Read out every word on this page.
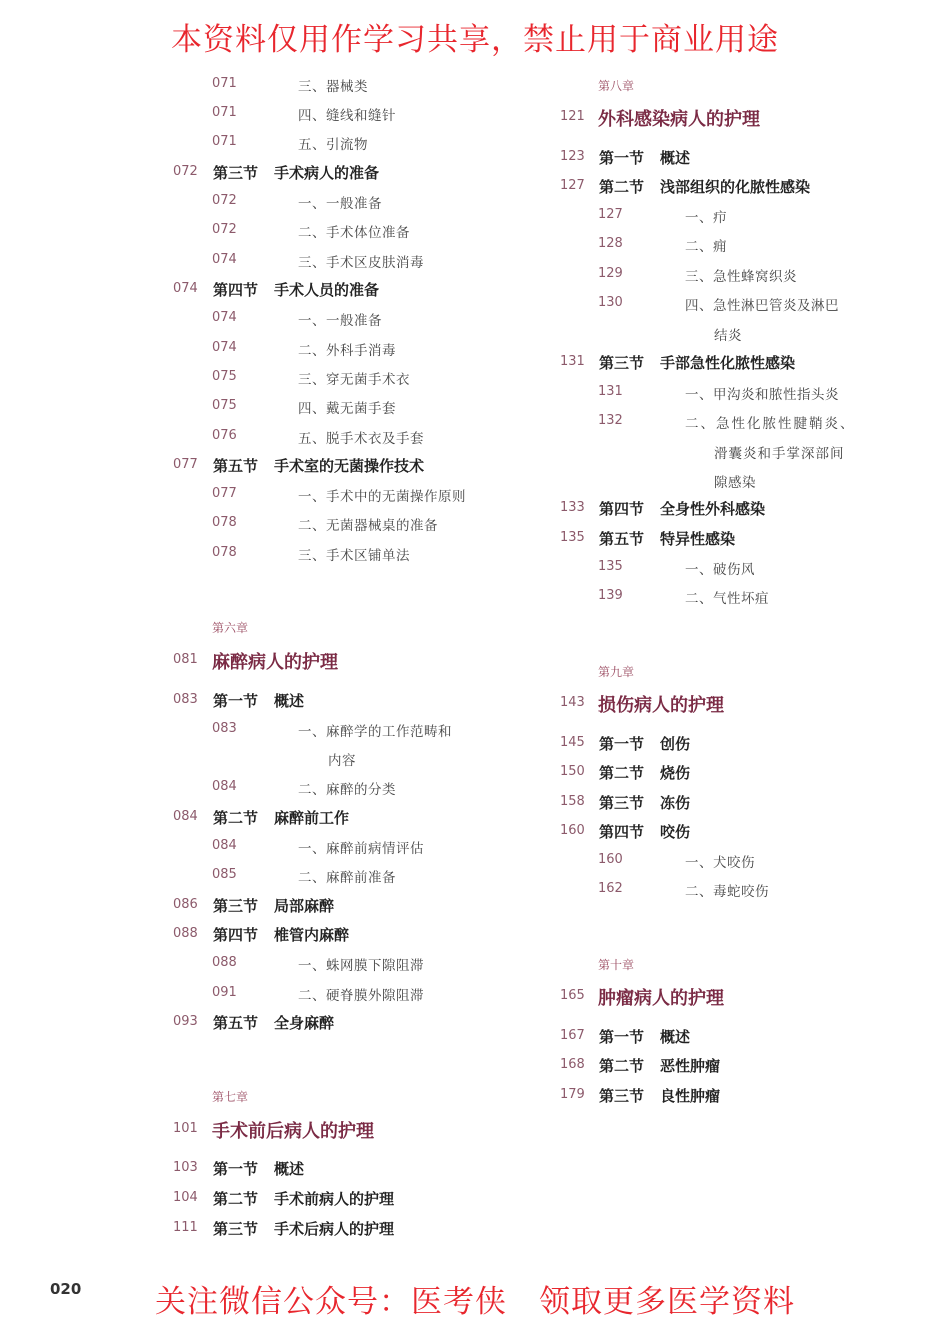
本资料仅用作学习共享，禁止用于商业用途
071	三、器械类
071	四、缝线和缝针
071	五、引流物
072 第三节 手术病人的准备
072	一、一般准备
072	二、手术体位准备
074	三、手术区皮肤消毒
074 第四节 手术人员的准备
074	一、一般准备
074	二、外科手消毒
075	三、穿无菌手术衣
075	四、戴无菌手套
076	五、脱手术衣及手套
077 第五节 手术室的无菌操作技术
077	一、手术中的无菌操作原则
078	二、无菌器械桌的准备
078	三、手术区铺单法
第六章
081 麻醉病人的护理
083 第一节 概述
083	一、麻醉学的工作范畴和
内容
084	二、麻醉的分类
084 第二节 麻醉前工作
084	一、麻醉前病情评估
085	二、麻醉前准备
086 第三节 局部麻醉
088 第四节 椎管内麻醉
088	一、蛛网膜下隙阻滞
091	二、硬脊膜外隙阻滞
093 第五节 全身麻醉
第七章
101 手术前后病人的护理
103 第一节 概述
104 第二节 手术前病人的护理
111 第三节 手术后病人的护理
第八章
121 外科感染病人的护理
123 第一节 概述
127 第二节 浅部组织的化脓性感染
127	一、疖
128	二、痈
129	三、急性蜂窝织炎
130	四、急性淋巴管炎及淋巴
结炎
131 第三节 手部急性化脓性感染
131	一、甲沟炎和脓性指头炎
132	二、急性化脓性腱鞘炎、
滑囊炎和手掌深部间
隙感染
133 第四节 全身性外科感染
135 第五节 特异性感染
135	一、破伤风
139	二、气性坏疽
第九章
143 损伤病人的护理
145 第一节 创伤
150 第二节 烧伤
158 第三节 冻伤
160 第四节 咬伤
160	一、犬咬伤
162	二、毒蛇咬伤
第十章
165 肿瘤病人的护理
167 第一节 概述
168 第二节 恶性肿瘤
179 第三节 良性肿瘤
020	关注微信公众号：医考侠　领取更多医学资料
